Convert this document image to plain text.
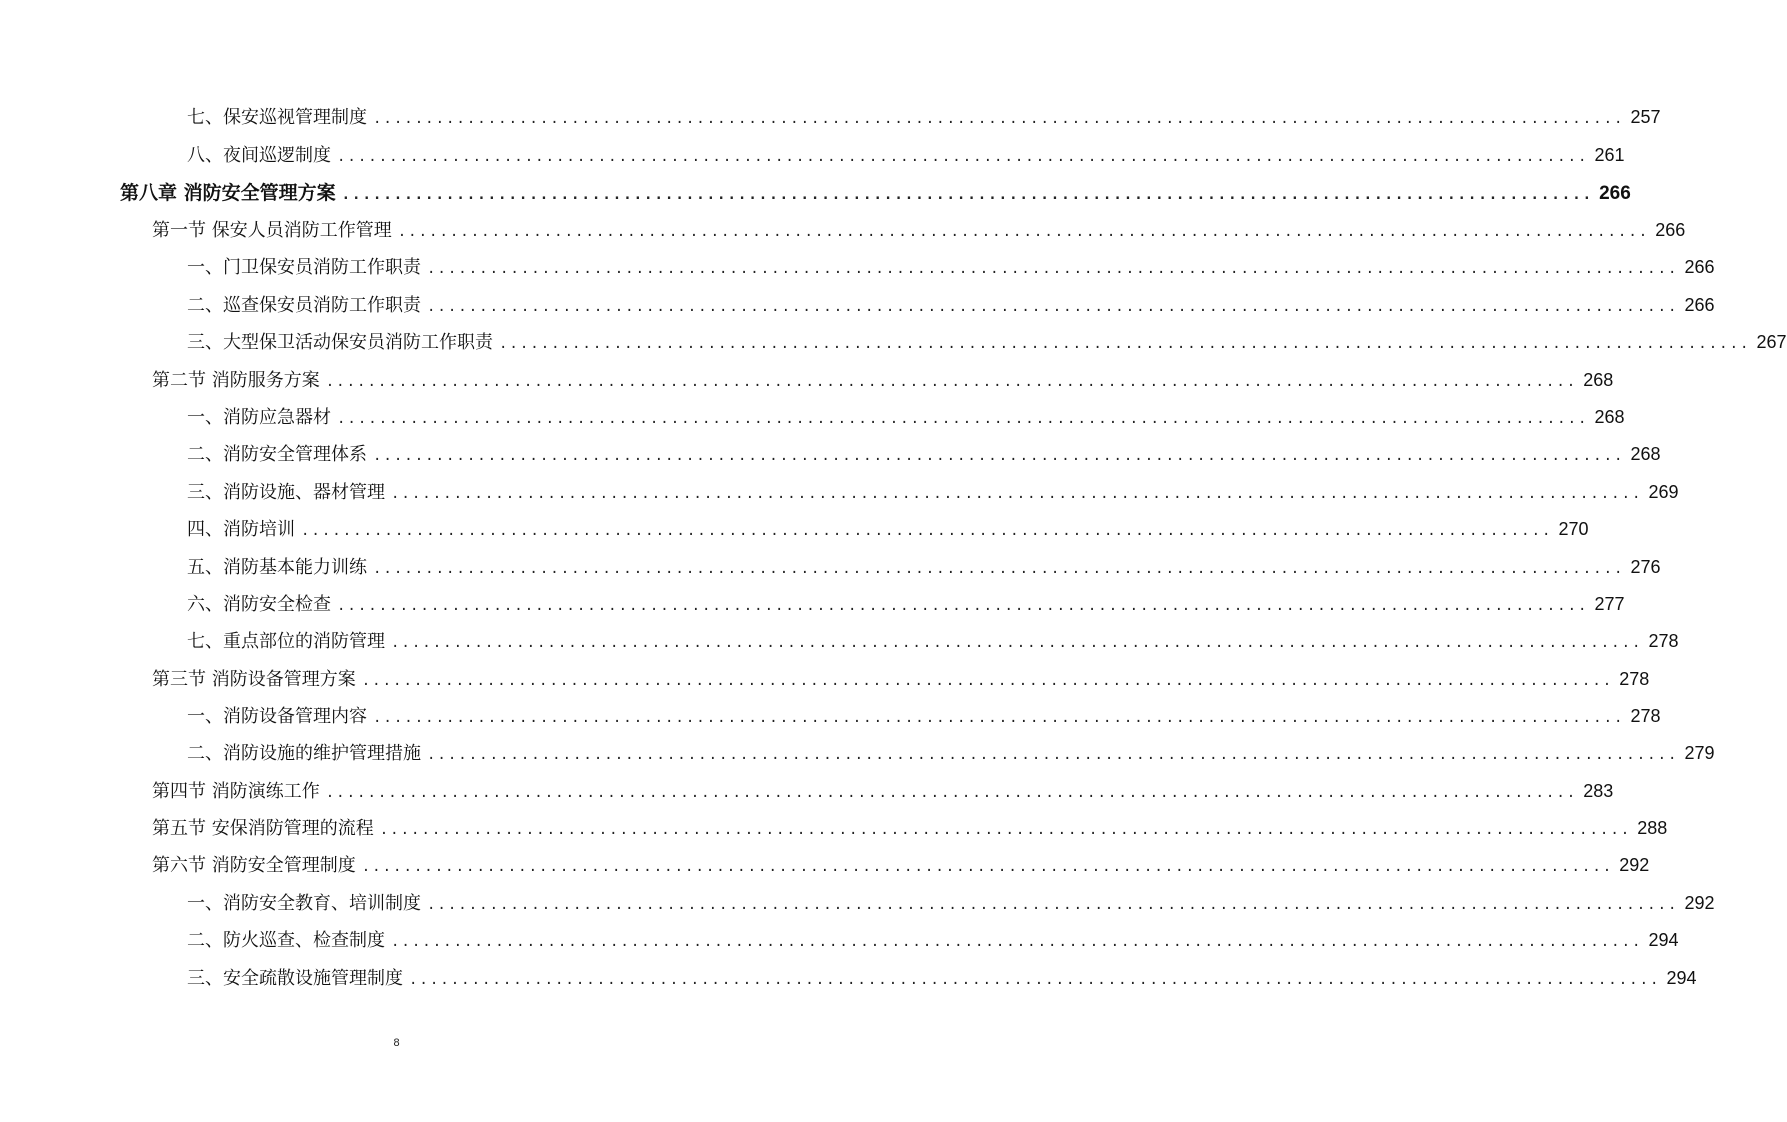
七、保安巡视管理制度 ........................................................................................................................ 257
八、夜间巡逻制度 ........................................................................................................................ 261
第八章 消防安全管理方案 ........................................................................................................................ 266
第一节 保安人员消防工作管理 ........................................................................................................................ 266
一、门卫保安员消防工作职责 ........................................................................................................................ 266
二、巡查保安员消防工作职责 ........................................................................................................................ 266
三、大型保卫活动保安员消防工作职责 ........................................................................................................................ 267
第二节 消防服务方案 ........................................................................................................................ 268
一、消防应急器材 ........................................................................................................................ 268
二、消防安全管理体系 ........................................................................................................................ 268
三、消防设施、器材管理 ........................................................................................................................ 269
四、消防培训 ........................................................................................................................ 270
五、消防基本能力训练 ........................................................................................................................ 276
六、消防安全检查 ........................................................................................................................ 277
七、重点部位的消防管理 ........................................................................................................................ 278
第三节 消防设备管理方案 ........................................................................................................................ 278
一、消防设备管理内容 ........................................................................................................................ 278
二、消防设施的维护管理措施 ........................................................................................................................ 279
第四节 消防演练工作 ........................................................................................................................ 283
第五节 安保消防管理的流程 ........................................................................................................................ 288
第六节 消防安全管理制度 ........................................................................................................................ 292
一、消防安全教育、培训制度 ........................................................................................................................ 292
二、防火巡查、检查制度 ........................................................................................................................ 294
三、安全疏散设施管理制度 ........................................................................................................................ 294
8
